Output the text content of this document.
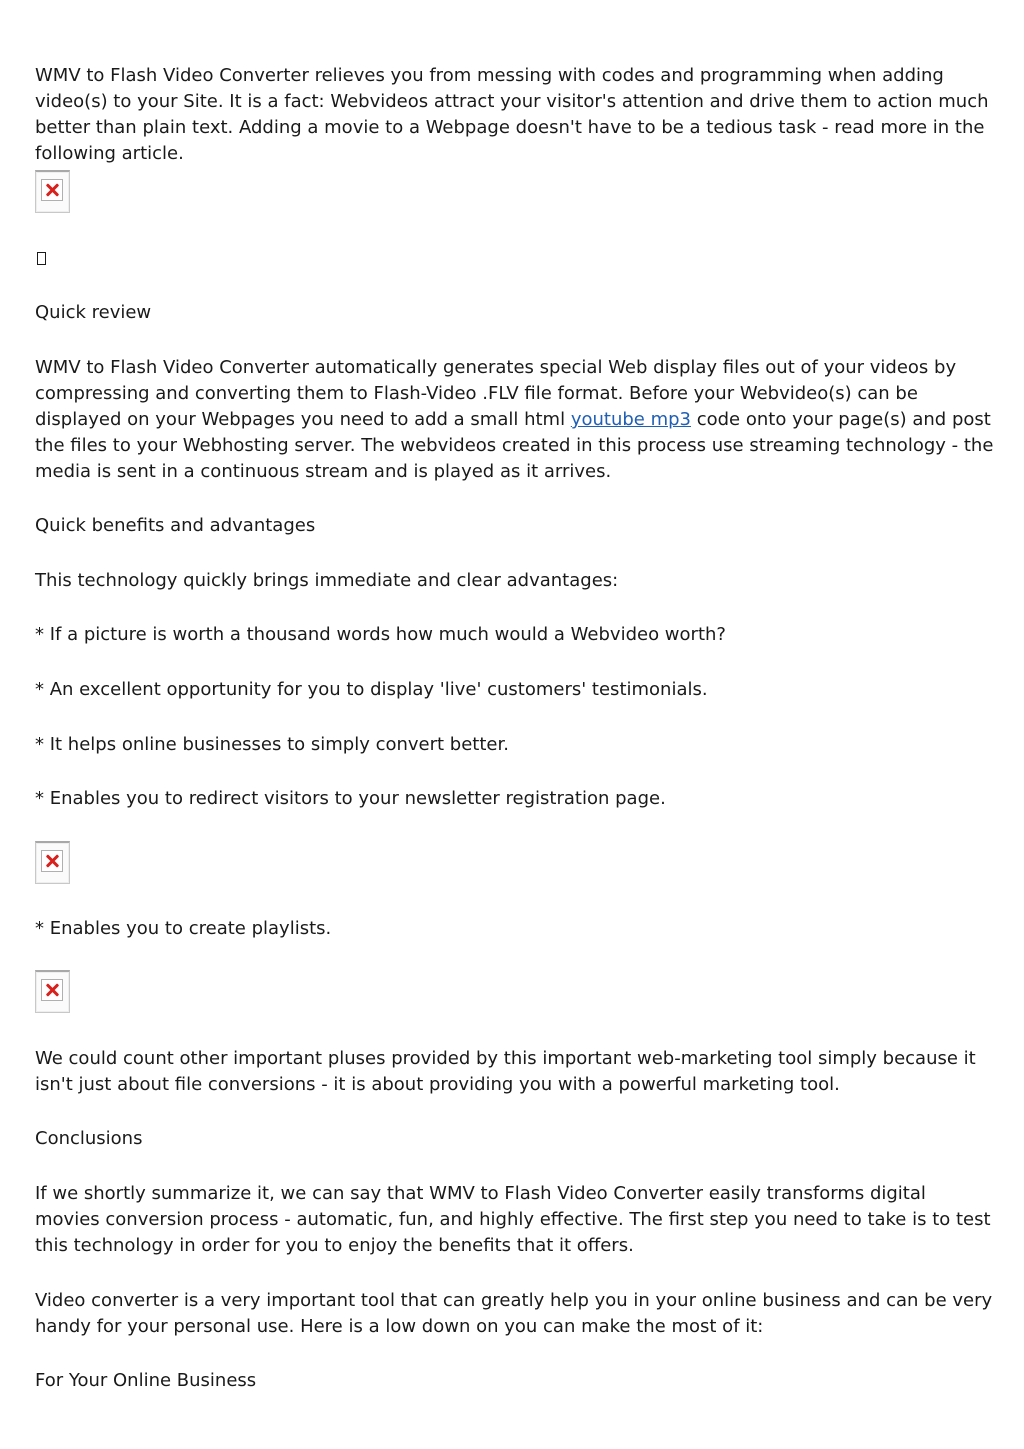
WMV to Flash Video Converter relieves you from messing with codes and programming when adding video(s) to your Site. It is a fact: Webvideos attract your visitor's attention and drive them to action much better than plain text. Adding a movie to a Webpage doesn't have to be a tedious task - read more in the following article.

Quick review

WMV to Flash Video Converter automatically generates special Web display files out of your videos by compressing and converting them to Flash-Video .FLV file format. Before your Webvideo(s) can be displayed on your Webpages you need to add a small html youtube mp3 code onto your page(s) and post the files to your Webhosting server. The webvideos created in this process use streaming technology - the media is sent in a continuous stream and is played as it arrives.

Quick benefits and advantages

This technology quickly brings immediate and clear advantages:

* If a picture is worth a thousand words how much would a Webvideo worth?

* An excellent opportunity for you to display 'live' customers' testimonials.

* It helps online businesses to simply convert better.

* Enables you to redirect visitors to your newsletter registration page.

* Enables you to create playlists.

We could count other important pluses provided by this important web-marketing tool simply because it isn't just about file conversions - it is about providing you with a powerful marketing tool.

Conclusions

If we shortly summarize it, we can say that WMV to Flash Video Converter easily transforms digital movies conversion process - automatic, fun, and highly effective. The first step you need to take is to test this technology in order for you to enjoy the benefits that it offers.

Video converter is a very important tool that can greatly help you in your online business and can be very handy for your personal use. Here is a low down on you can make the most of it:

For Your Online Business
